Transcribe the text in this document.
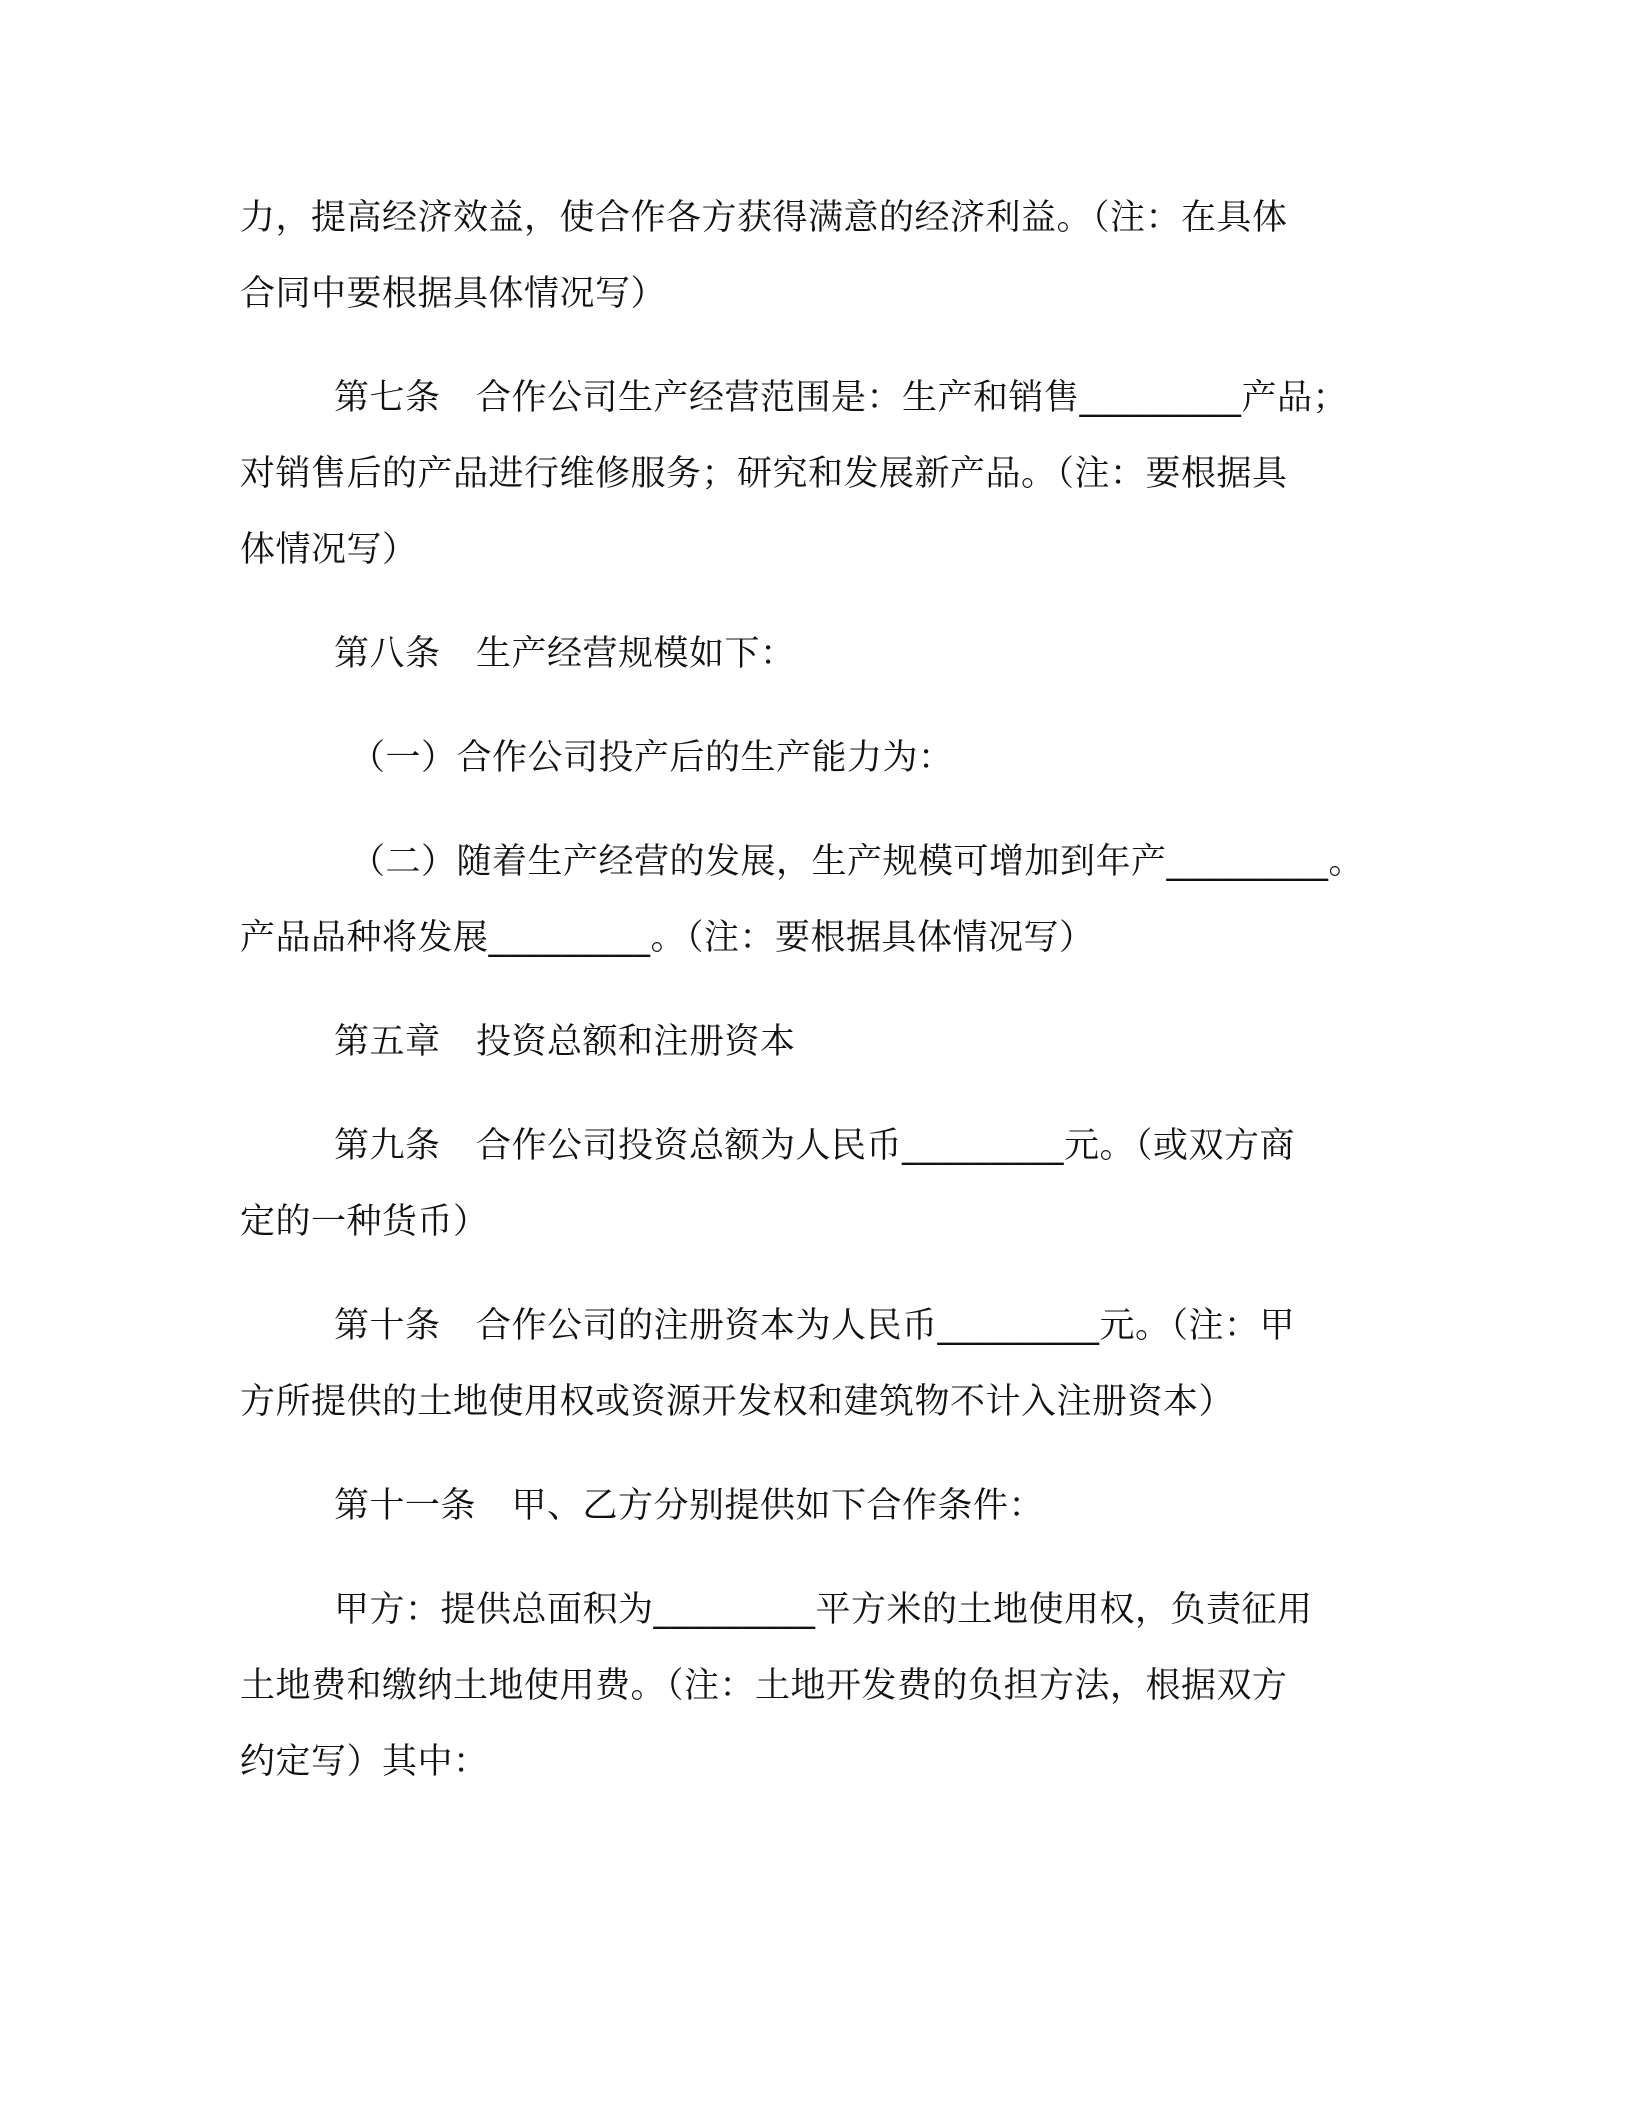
力，提高经济效益，使合作各方获得满意的经济利益。（注：在具体
合同中要根据具体情况写）
第七条　合作公司生产经营范围是：生产和销售_________产品；
对销售后的产品进行维修服务；研究和发展新产品。（注：要根据具
体情况写）
第八条　生产经营规模如下：
（一）合作公司投产后的生产能力为：
（二）随着生产经营的发展，生产规模可增加到年产_________。
产品品种将发展_________。（注：要根据具体情况写）
第五章　投资总额和注册资本
第九条　合作公司投资总额为人民币_________元。（或双方商
定的一种货币）
第十条　合作公司的注册资本为人民币_________元。（注：甲
方所提供的土地使用权或资源开发权和建筑物不计入注册资本）
第十一条　甲、乙方分别提供如下合作条件：
甲方：提供总面积为_________平方米的土地使用权，负责征用
土地费和缴纳土地使用费。（注：土地开发费的负担方法，根据双方
约定写）其中：
